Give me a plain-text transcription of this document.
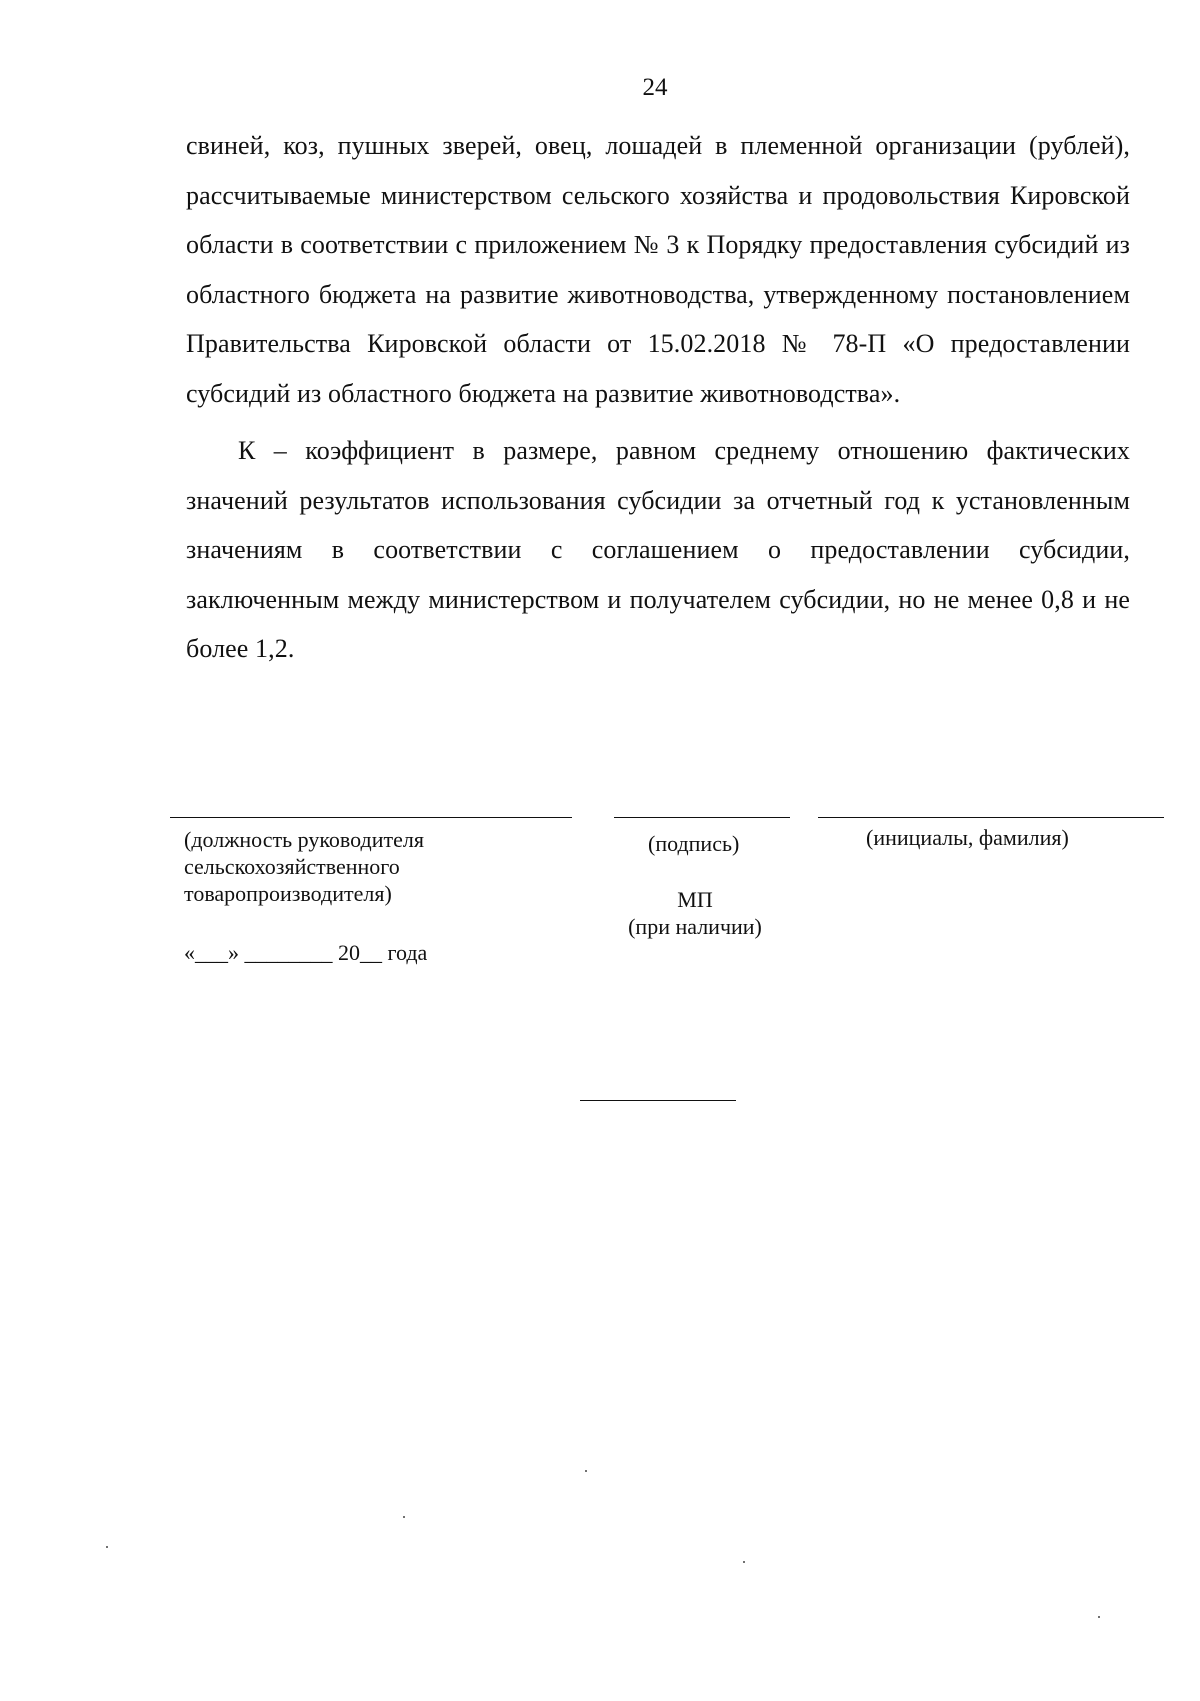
24

свиней, коз, пушных зверей, овец, лошадей в племенной организации (рублей), рассчитываемые министерством сельского хозяйства и продовольствия Кировской области в соответствии с приложением № 3 к Порядку предоставления субсидий из областного бюджета на развитие животноводства, утвержденному постановлением Правительства Кировской области от 15.02.2018 № 78-П «О предоставлении субсидий из областного бюджета на развитие животноводства».

К – коэффициент в размере, равном среднему отношению фактических значений результатов использования субсидии за отчетный год к установленным значениям в соответствии с соглашением о предоставлении субсидии, заключенным между министерством и получателем субсидии, но не менее 0,8 и не более 1,2.

(должность руководителя
сельскохозяйственного
товаропроизводителя)
(подпись)	(инициалы, фамилия)
МП
(при наличии)
«___» ________ 20__ года
